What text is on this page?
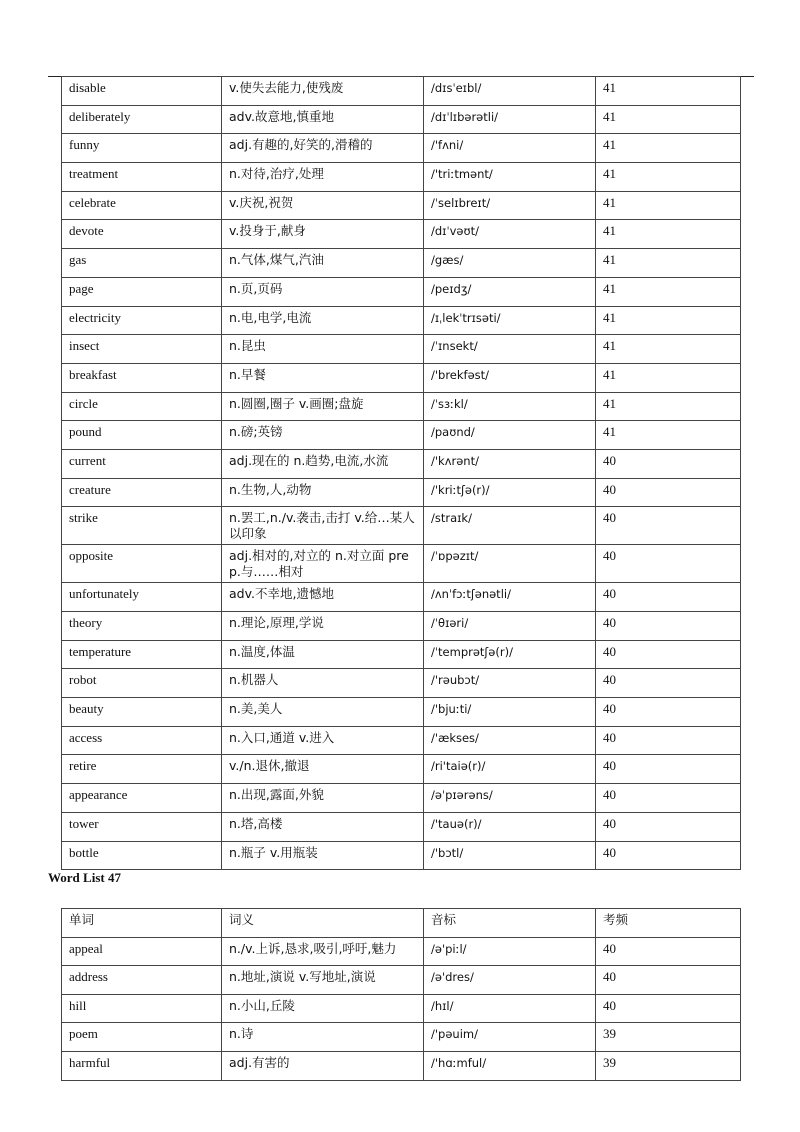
disable	v.使失去能力,使残废	/dɪsˈeɪbl/	41
deliberately	adv.故意地,慎重地	/dɪˈlɪbərətli/	41
funny	adj.有趣的,好笑的,滑稽的	/'fʌni/	41
treatment	n.对待,治疗,处理	/'triːtmənt/	41
celebrate	v.庆祝,祝贺	/ˈselɪbreɪt/	41
devote	v.投身于,献身	/dɪˈvəʊt/	41
gas	n.气体,煤气,汽油	/gæs/	41
page	n.页,页码	/peɪdʒ/	41
electricity	n.电,电学,电流	/ɪˌlekˈtrɪsəti/	41
insect	n.昆虫	/ˈɪnsekt/	41
breakfast	n.早餐	/'brekfəst/	41
circle	n.圆圈,圈子 v.画圈;盘旋	/ˈsɜːkl/	41
pound	n.磅;英镑	/paʊnd/	41
current	adj.现在的 n.趋势,电流,水流	/'kʌrənt/	40
creature	n.生物,人,动物	/'kriːtʃə(r)/	40
strike	n.罢工,n./v.袭击,击打 v.给…某人以印象	/straɪk/	40
opposite	adj.相对的,对立的 n.对立面 prep.与……相对	/ˈɒpəzɪt/	40
unfortunately	adv.不幸地,遗憾地	/ʌnˈfɔːtʃənətli/	40
theory	n.理论,原理,学说	/ˈθɪəri/	40
temperature	n.温度,体温	/ˈtemprətʃə(r)/	40
robot	n.机器人	/'rəubɔt/	40
beauty	n.美,美人	/'bjuːti/	40
access	n.入口,通道 v.进入	/'ækses/	40
retire	v./n.退休,撤退	/ri'taiə(r)/	40
appearance	n.出现,露面,外貌	/əˈpɪərəns/	40
tower	n.塔,高楼	/'tauə(r)/	40
bottle	n.瓶子 v.用瓶装	/'bɔtl/	40
Word List 47
单词	词义	音标	考频
appeal	n./v.上诉,恳求,吸引,呼吁,魅力	/ə'piːl/	40
address	n.地址,演说 v.写地址,演说	/ə'dres/	40
hill	n.小山,丘陵	/hɪl/	40
poem	n.诗	/'pəuim/	39
harmful	adj.有害的	/'hɑːmful/	39
